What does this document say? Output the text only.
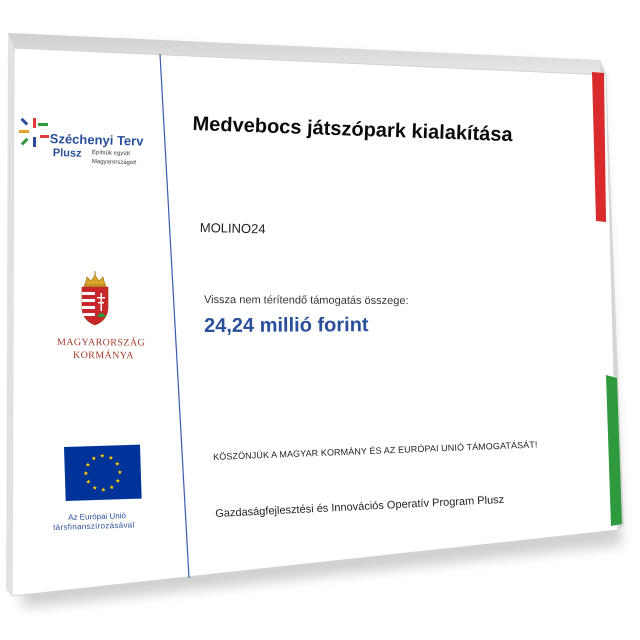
Medvebocs játszópark kialakítása
MOLINO24
Vissza nem térítendő támogatás összege:
24,24 millió forint
KÖSZÖNJÜK A MAGYAR KORMÁNY ÉS AZ EURÓPAI UNIÓ TÁMOGATÁSÁT!
Gazdaságfejlesztési és Innovációs Operatív Program Plusz
Széchenyi Terv
Plusz Építsük együtt
Magyarországot!
MAGYARORSZÁG
KORMÁNYA
Az Európai Unió
társfinanszírozásával
